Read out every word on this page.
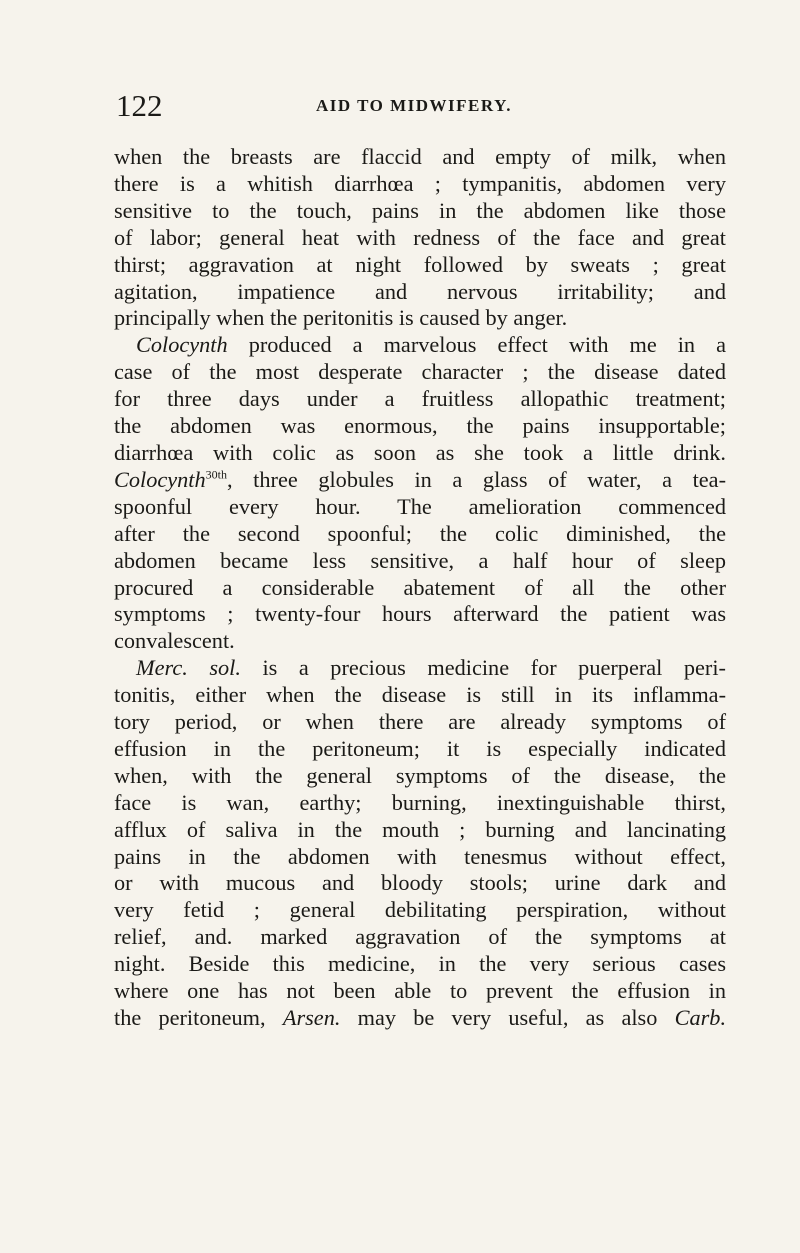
122	AID TO MIDWIFERY.
when the breasts are flaccid and empty of milk, when
there is a whitish diarrhœa ; tympanitis, abdomen very
sensitive to the touch, pains in the abdomen like those
of labor; general heat with redness of the face and great
thirst; aggravation at night followed by sweats ; great
agitation, impatience and nervous irritability; and
principally when the peritonitis is caused by anger.
Colocynth produced a marvelous effect with me in a
case of the most desperate character ; the disease dated
for three days under a fruitless allopathic treatment;
the abdomen was enormous, the pains insupportable;
diarrhœa with colic as soon as she took a little drink.
Colocynth$^{30th}$, three globules in a glass of water, a tea-
spoonful every hour. The amelioration commenced
after the second spoonful; the colic diminished, the
abdomen became less sensitive, a half hour of sleep
procured a considerable abatement of all the other
symptoms ; twenty-four hours afterward the patient was
convalescent.
Merc. sol. is a precious medicine for puerperal peri-
tonitis, either when the disease is still in its inflamma-
tory period, or when there are already symptoms of
effusion in the peritoneum; it is especially indicated
when, with the general symptoms of the disease, the
face is wan, earthy; burning, inextinguishable thirst,
afflux of saliva in the mouth ; burning and lancinating
pains in the abdomen with tenesmus without effect,
or with mucous and bloody stools; urine dark and
very fetid ; general debilitating perspiration, without
relief, and. marked aggravation of the symptoms at
night. Beside this medicine, in the very serious cases
where one has not been able to prevent the effusion in
the peritoneum, Arsen. may be very useful, as also Carb.
